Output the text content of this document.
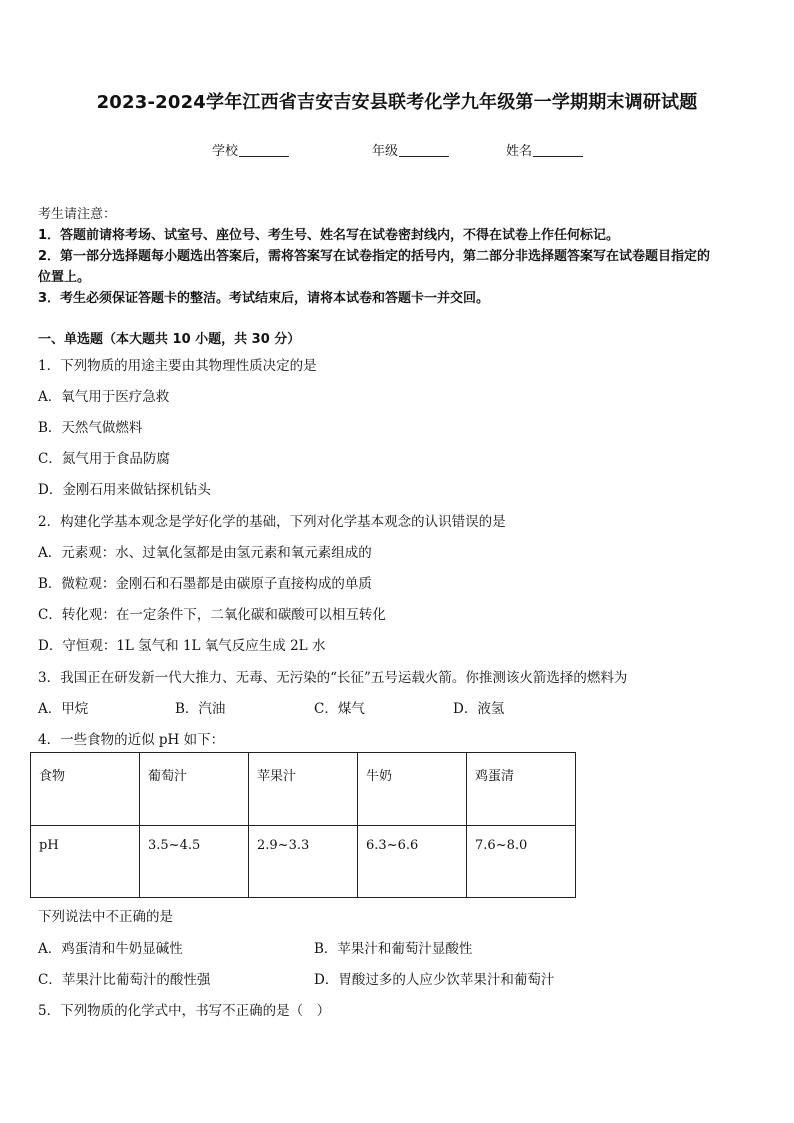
2023-2024学年江西省吉安吉安县联考化学九年级第一学期期末调研试题
学校	年级	姓名
考生请注意：
1．答题前请将考场、试室号、座位号、考生号、姓名写在试卷密封线内，不得在试卷上作任何标记。
2．第一部分选择题每小题选出答案后，需将答案写在试卷指定的括号内，第二部分非选择题答案写在试卷题目指定的
位置上。
3．考生必须保证答题卡的整洁。考试结束后，请将本试卷和答题卡一并交回。
一、单选题（本大题共 10 小题，共 30 分）
1．下列物质的用途主要由其物理性质决定的是
A．氧气用于医疗急救
B．天然气做燃料
C．氮气用于食品防腐
D．金刚石用来做钻探机钻头
2．构建化学基本观念是学好化学的基础，下列对化学基本观念的认识错误的是
A．元素观：水、过氧化氢都是由氢元素和氧元素组成的
B．微粒观：金刚石和石墨都是由碳原子直接构成的单质
C．转化观：在一定条件下，二氧化碳和碳酸可以相互转化
D．守恒观：1L 氢气和 1L 氧气反应生成 2L 水
3．我国正在研发新一代大推力、无毒、无污染的“长征”五号运载火箭。你推测该火箭选择的燃料为
A．甲烷	B．汽油	C．煤气	D．液氢
4．一些食物的近似 pH 如下：
食物	葡萄汁	苹果汁	牛奶	鸡蛋清
pH	3.5~4.5	2.9~3.3	6.3~6.6	7.6~8.0
下列说法中不正确的是
A．鸡蛋清和牛奶显碱性	B．苹果汁和葡萄汁显酸性
C．苹果汁比葡萄汁的酸性强	D．胃酸过多的人应少饮苹果汁和葡萄汁
5．下列物质的化学式中，书写不正确的是（　）
